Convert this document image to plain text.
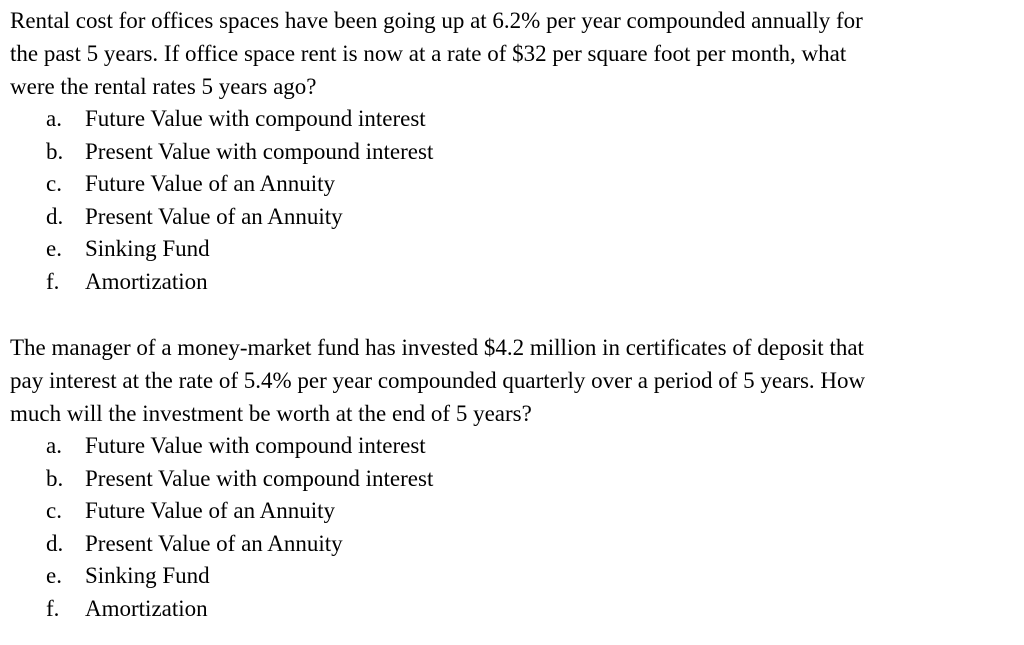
Rental cost for offices spaces have been going up at 6.2% per year compounded annually for
the past 5 years. If office space rent is now at a rate of $32 per square foot per month, what
were the rental rates 5 years ago?

a. Future Value with compound interest
b. Present Value with compound interest
c. Future Value of an Annuity
d. Present Value of an Annuity
e. Sinking Fund
f. Amortization

The manager of a money-market fund has invested $4.2 million in certificates of deposit that
pay interest at the rate of 5.4% per year compounded quarterly over a period of 5 years. How
much will the investment be worth at the end of 5 years?

a. Future Value with compound interest
b. Present Value with compound interest
c. Future Value of an Annuity
d. Present Value of an Annuity
e. Sinking Fund
f. Amortization
